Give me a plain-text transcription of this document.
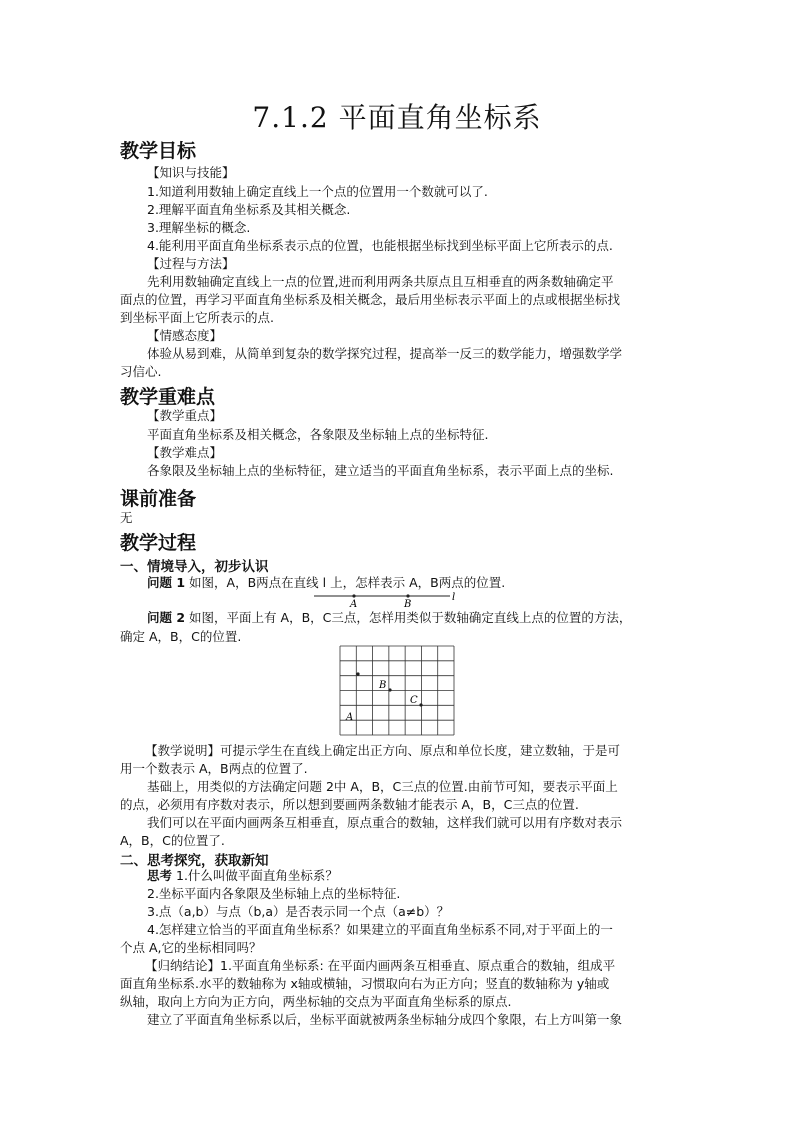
7.1.2 平面直角坐标系
教学目标
【知识与技能】
1.知道利用数轴上确定直线上一个点的位置用一个数就可以了.
2.理解平面直角坐标系及其相关概念.
3.理解坐标的概念.
4.能利用平面直角坐标系表示点的位置，也能根据坐标找到坐标平面上它所表示的点.
【过程与方法】
先利用数轴确定直线上一点的位置,进而利用两条共原点且互相垂直的两条数轴确定平
面点的位置，再学习平面直角坐标系及相关概念，最后用坐标表示平面上的点或根据坐标找
到坐标平面上它所表示的点.
【情感态度】
体验从易到难，从简单到复杂的数学探究过程，提高举一反三的数学能力，增强数学学
习信心.
教学重难点
【教学重点】
平面直角坐标系及相关概念，各象限及坐标轴上点的坐标特征.
【教学难点】
各象限及坐标轴上点的坐标特征，建立适当的平面直角坐标系，表示平面上点的坐标.
课前准备
无
教学过程
一、情境导入，初步认识
问题 1 如图，A，B两点在直线 l 上，怎样表示 A，B两点的位置.
A	B
l
问题 2 如图，平面上有 A，B，C三点，怎样用类似于数轴确定直线上点的位置的方法，
确定 A，B，C的位置.
A
B
C
【教学说明】可提示学生在直线上确定出正方向、原点和单位长度，建立数轴，于是可
用一个数表示 A，B两点的位置了.
基础上，用类似的方法确定问题 2中 A，B，C三点的位置.由前节可知，要表示平面上
的点，必须用有序数对表示，所以想到要画两条数轴才能表示 A，B，C三点的位置.
我们可以在平面内画两条互相垂直，原点重合的数轴，这样我们就可以用有序数对表示
A，B，C的位置了.
二、思考探究，获取新知
思考 1.什么叫做平面直角坐标系？
2.坐标平面内各象限及坐标轴上点的坐标特征.
3.点（a,b）与点（b,a）是否表示同一个点（a≠b）？
4.怎样建立恰当的平面直角坐标系？如果建立的平面直角坐标系不同,对于平面上的一
个点 A,它的坐标相同吗？
【归纳结论】1.平面直角坐标系: 在平面内画两条互相垂直、原点重合的数轴，组成平
面直角坐标系.水平的数轴称为 x轴或横轴，习惯取向右为正方向；竖直的数轴称为 y轴或
纵轴，取向上方向为正方向，两坐标轴的交点为平面直角坐标系的原点.
建立了平面直角坐标系以后，坐标平面就被两条坐标轴分成四个象限，右上方叫第一象
